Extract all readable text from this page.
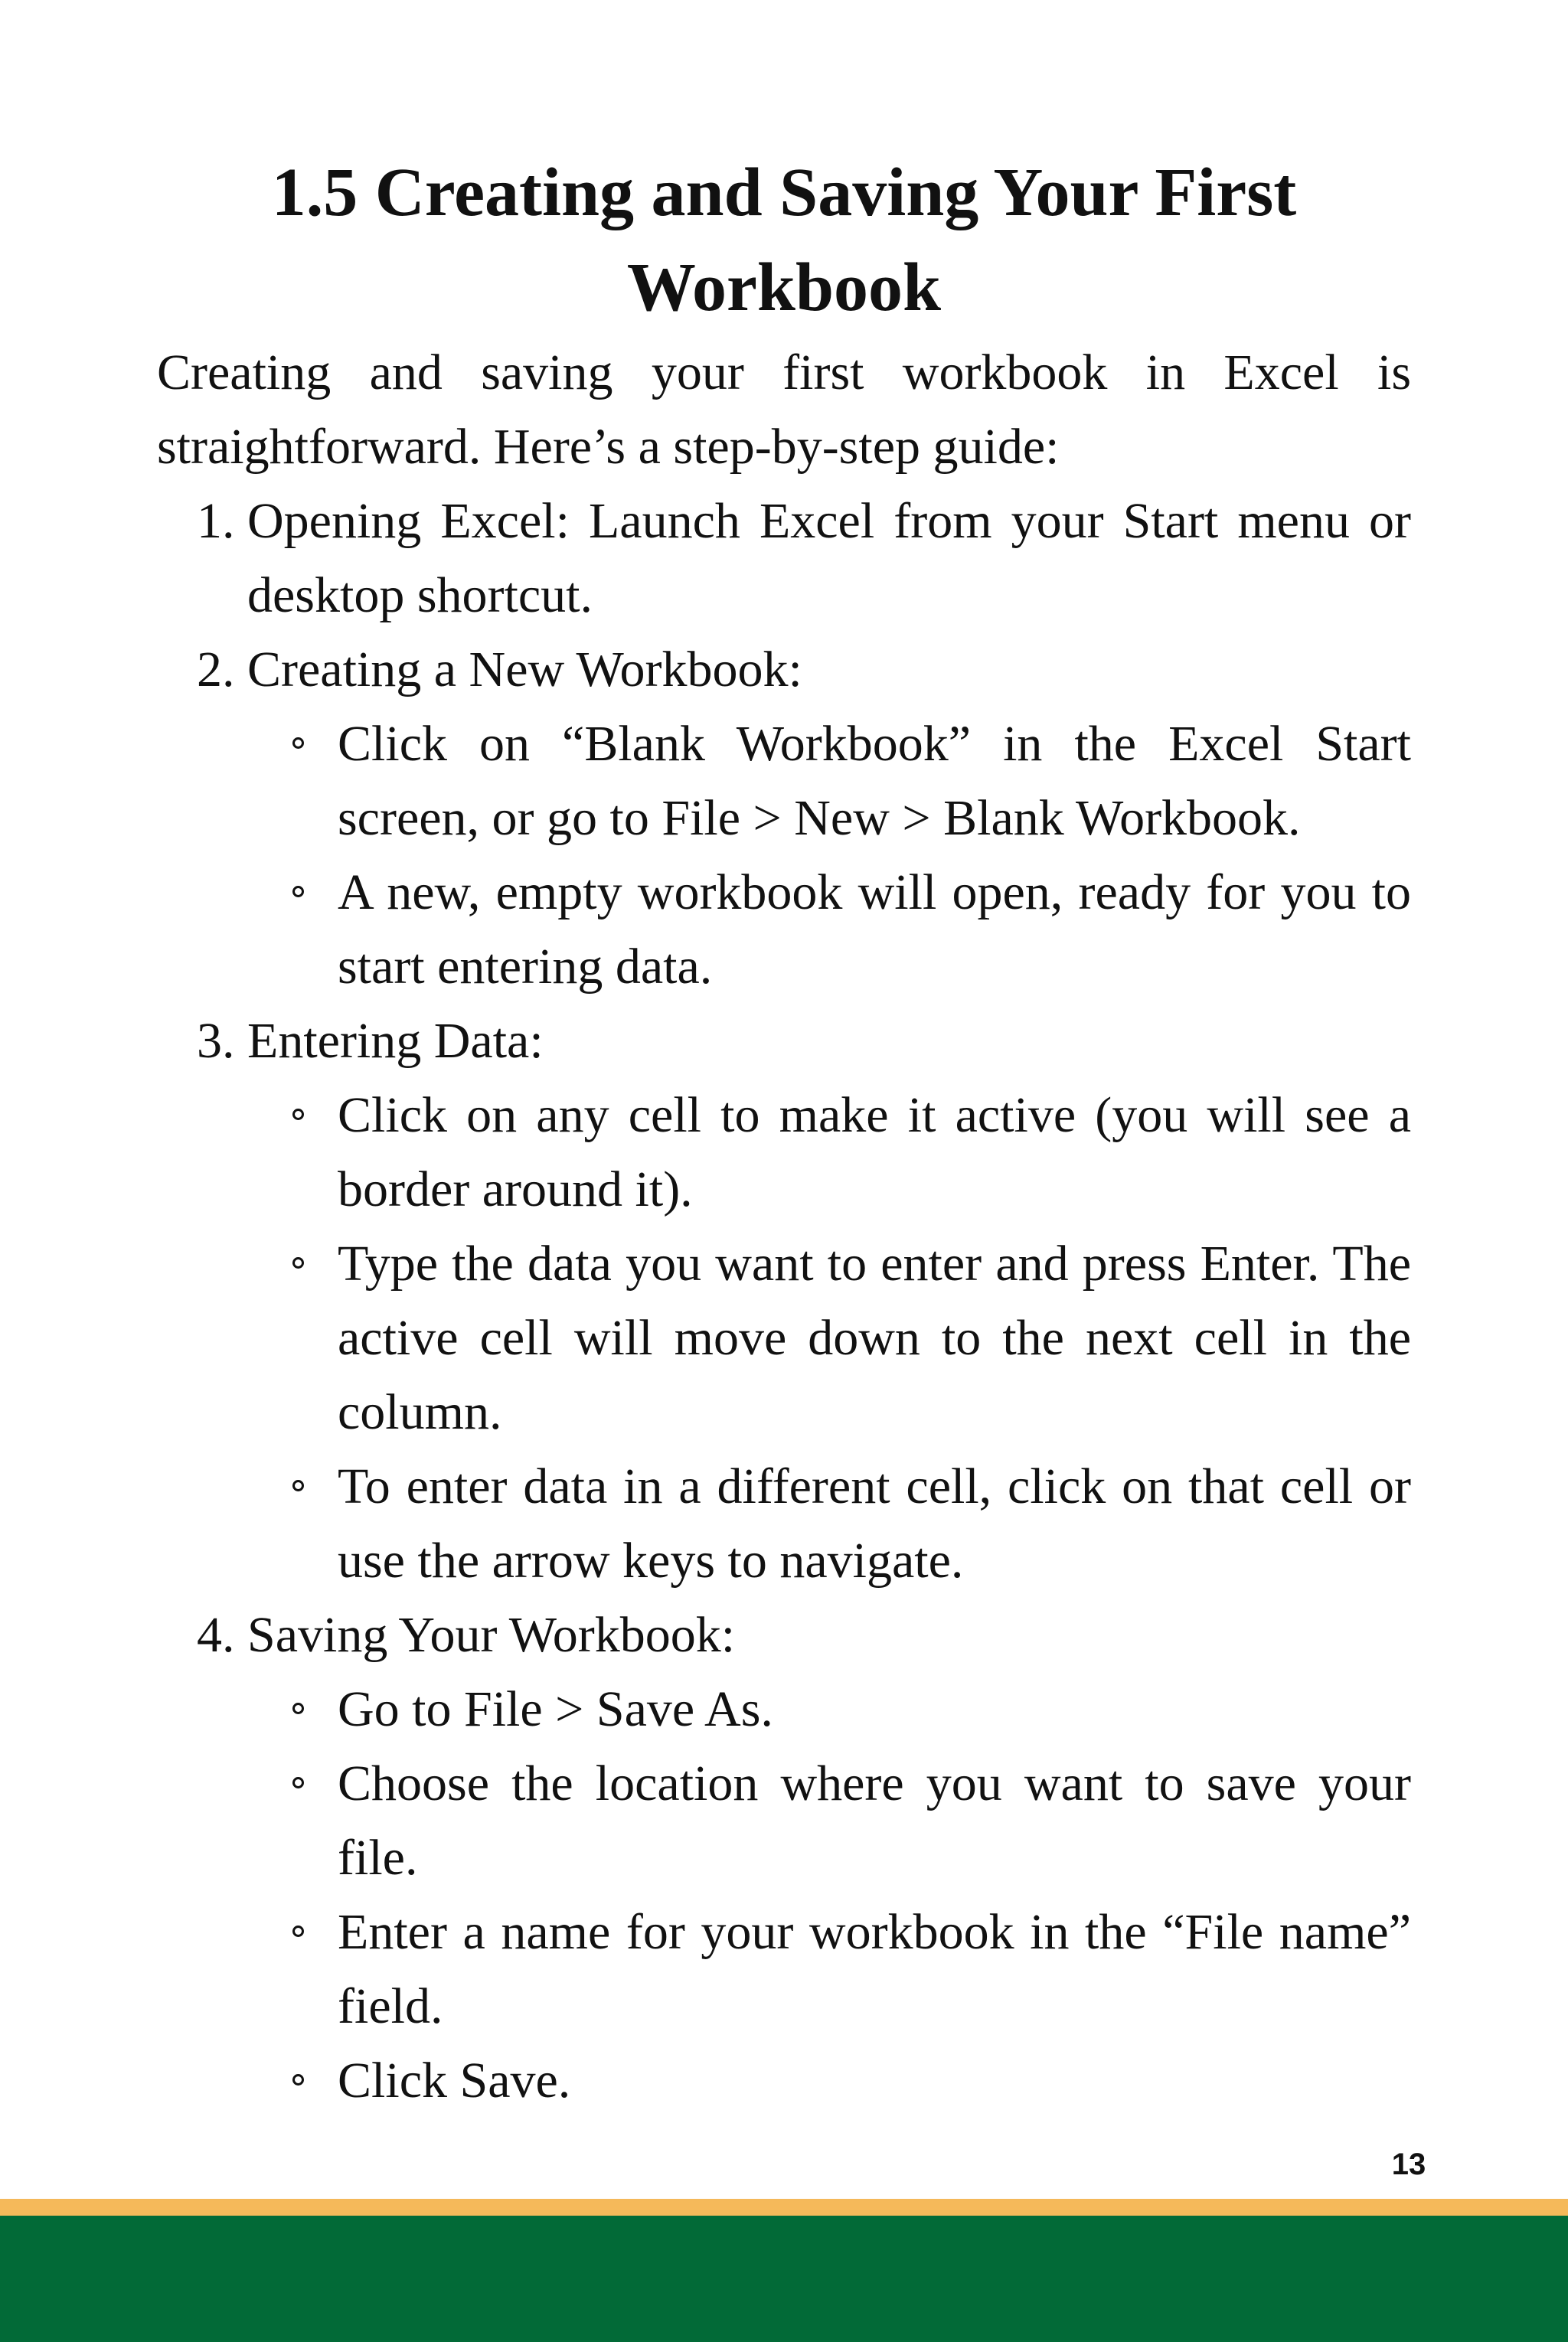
1.5 Creating and Saving Your First Workbook

Creating and saving your first workbook in Excel is straightforward. Here’s a step-by-step guide:

1. Opening Excel: Launch Excel from your Start menu or desktop shortcut.
2. Creating a New Workbook:
Click on “Blank Workbook” in the Excel Start screen, or go to File > New > Blank Workbook.
A new, empty workbook will open, ready for you to start entering data.
3. Entering Data:
Click on any cell to make it active (you will see a border around it).
Type the data you want to enter and press Enter. The active cell will move down to the next cell in the column.
To enter data in a different cell, click on that cell or use the arrow keys to navigate.
4. Saving Your Workbook:
Go to File > Save As.
Choose the location where you want to save your file.
Enter a name for your workbook in the “File name” field.
Click Save.
13
